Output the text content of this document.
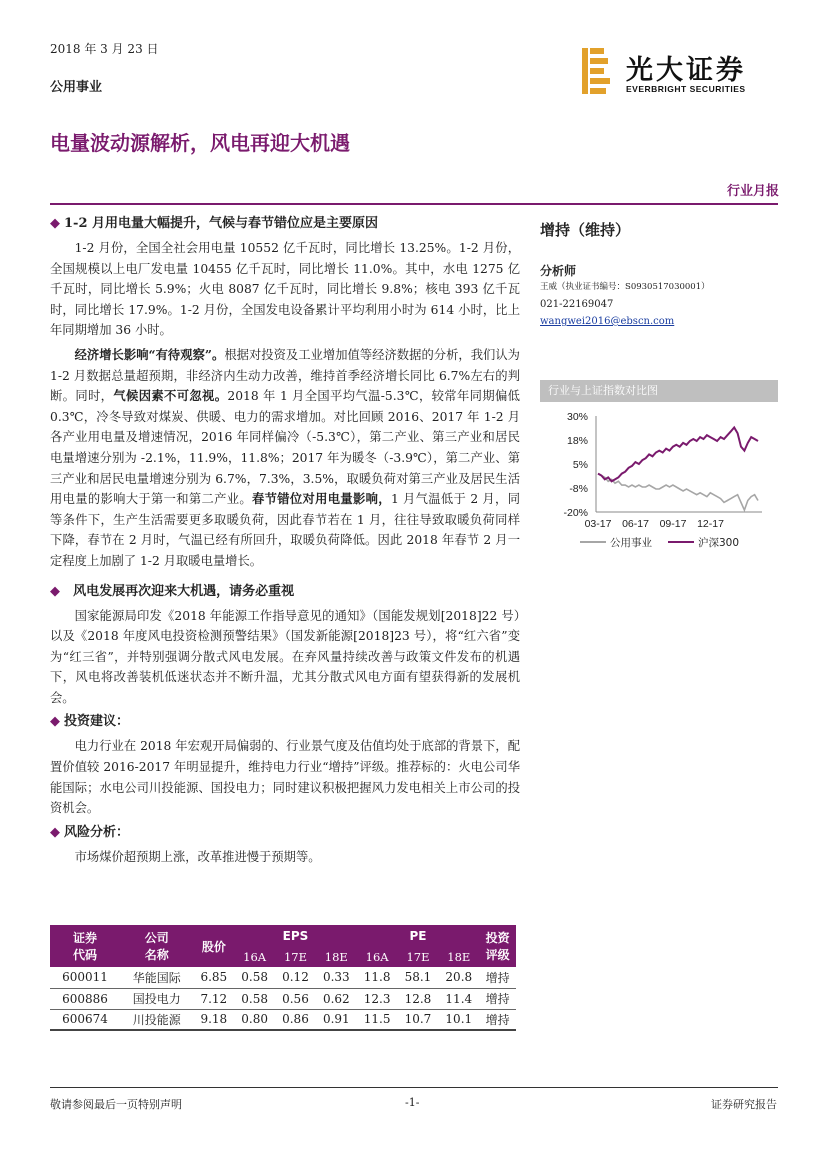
2018 年 3 月 23 日
公用事业
光大证券
EVERBRIGHT SECURITIES
电量波动源解析，风电再迎大机遇
行业月报
◆ 1-2 月用电量大幅提升，气候与春节错位应是主要原因

1-2 月份，全国全社会用电量 10552 亿千瓦时，同比增长 13.25%。1-2 月份，全国规模以上电厂发电量 10455 亿千瓦时，同比增长 11.0%。其中，水电 1275 亿千瓦时，同比增长 5.9%；火电 8087 亿千瓦时，同比增长 9.8%；核电 393 亿千瓦时，同比增长 17.9%。1-2 月份，全国发电设备累计平均利用小时为 614 小时，比上年同期增加 36 小时。

经济增长影响“有待观察”。根据对投资及工业增加值等经济数据的分析，我们认为 1-2 月数据总量超预期，非经济内生动力改善，维持首季经济增长同比 6.7%左右的判断。同时，气候因素不可忽视。2018 年 1 月全国平均气温-5.3℃，较常年同期偏低 0.3℃，冷冬导致对煤炭、供暖、电力的需求增加。对比回顾 2016、2017 年 1-2 月各产业用电量及增速情况，2016 年同样偏冷（-5.3℃），第二产业、第三产业和居民电量增速分别为 -2.1%，11.9%，11.8%；2017 年为暖冬（-3.9℃），第二产业、第三产业和居民电量增速分别为 6.7%，7.3%，3.5%，取暖负荷对第三产业及居民生活用电量的影响大于第一和第二产业。春节错位对用电量影响，1 月气温低于 2 月，同等条件下，生产生活需要更多取暖负荷，因此春节若在 1 月，往往导致取暖负荷同样下降，春节在 2 月时，气温已经有所回升，取暖负荷降低。因此 2018 年春节 2 月一定程度上加剧了 1-2 月取暖电量增长。

◆ 风电发展再次迎来大机遇，请务必重视

国家能源局印发《2018 年能源工作指导意见的通知》（国能发规划[2018]22 号）以及《2018 年度风电投资检测预警结果》（国发新能源[2018]23 号），将“红六省”变为“红三省”，并特别强调分散式风电发展。在弃风量持续改善与政策文件发布的机遇下，风电将改善装机低迷状态并不断升温，尤其分散式风电方面有望获得新的发展机会。

◆ 投资建议：

电力行业在 2018 年宏观开局偏弱的、行业景气度及估值均处于底部的背景下，配置价值较 2016-2017 年明显提升，维持电力行业“增持”评级。推荐标的：火电公司华能国际；水电公司川投能源、国投电力；同时建议积极把握风力发电相关上市公司的投资机会。

◆ 风险分析：

市场煤价超预期上涨，改革推进慢于预期等。

增持（维持）
分析师
王威（执业证书编号：S0930517030001）
021-22169047
wangwei2016@ebscn.com
行业与上证指数对比图
30%
18%
5%
-8%
-20%
03-17 06-17 09-17 12-17
公用事业	沪深300
证券
代码	公司
名称	股价	EPS			PE			投资
评级
			16A	17E	18E	16A	17E	18E	
600011	华能国际	6.85	0.58	0.12	0.33	11.8	58.1	20.8	增持
600886	国投电力	7.12	0.58	0.56	0.62	12.3	12.8	11.4	增持
600674	川投能源	9.18	0.80	0.86	0.91	11.5	10.7	10.1	增持
敬请参阅最后一页特别声明	-1-	证券研究报告
